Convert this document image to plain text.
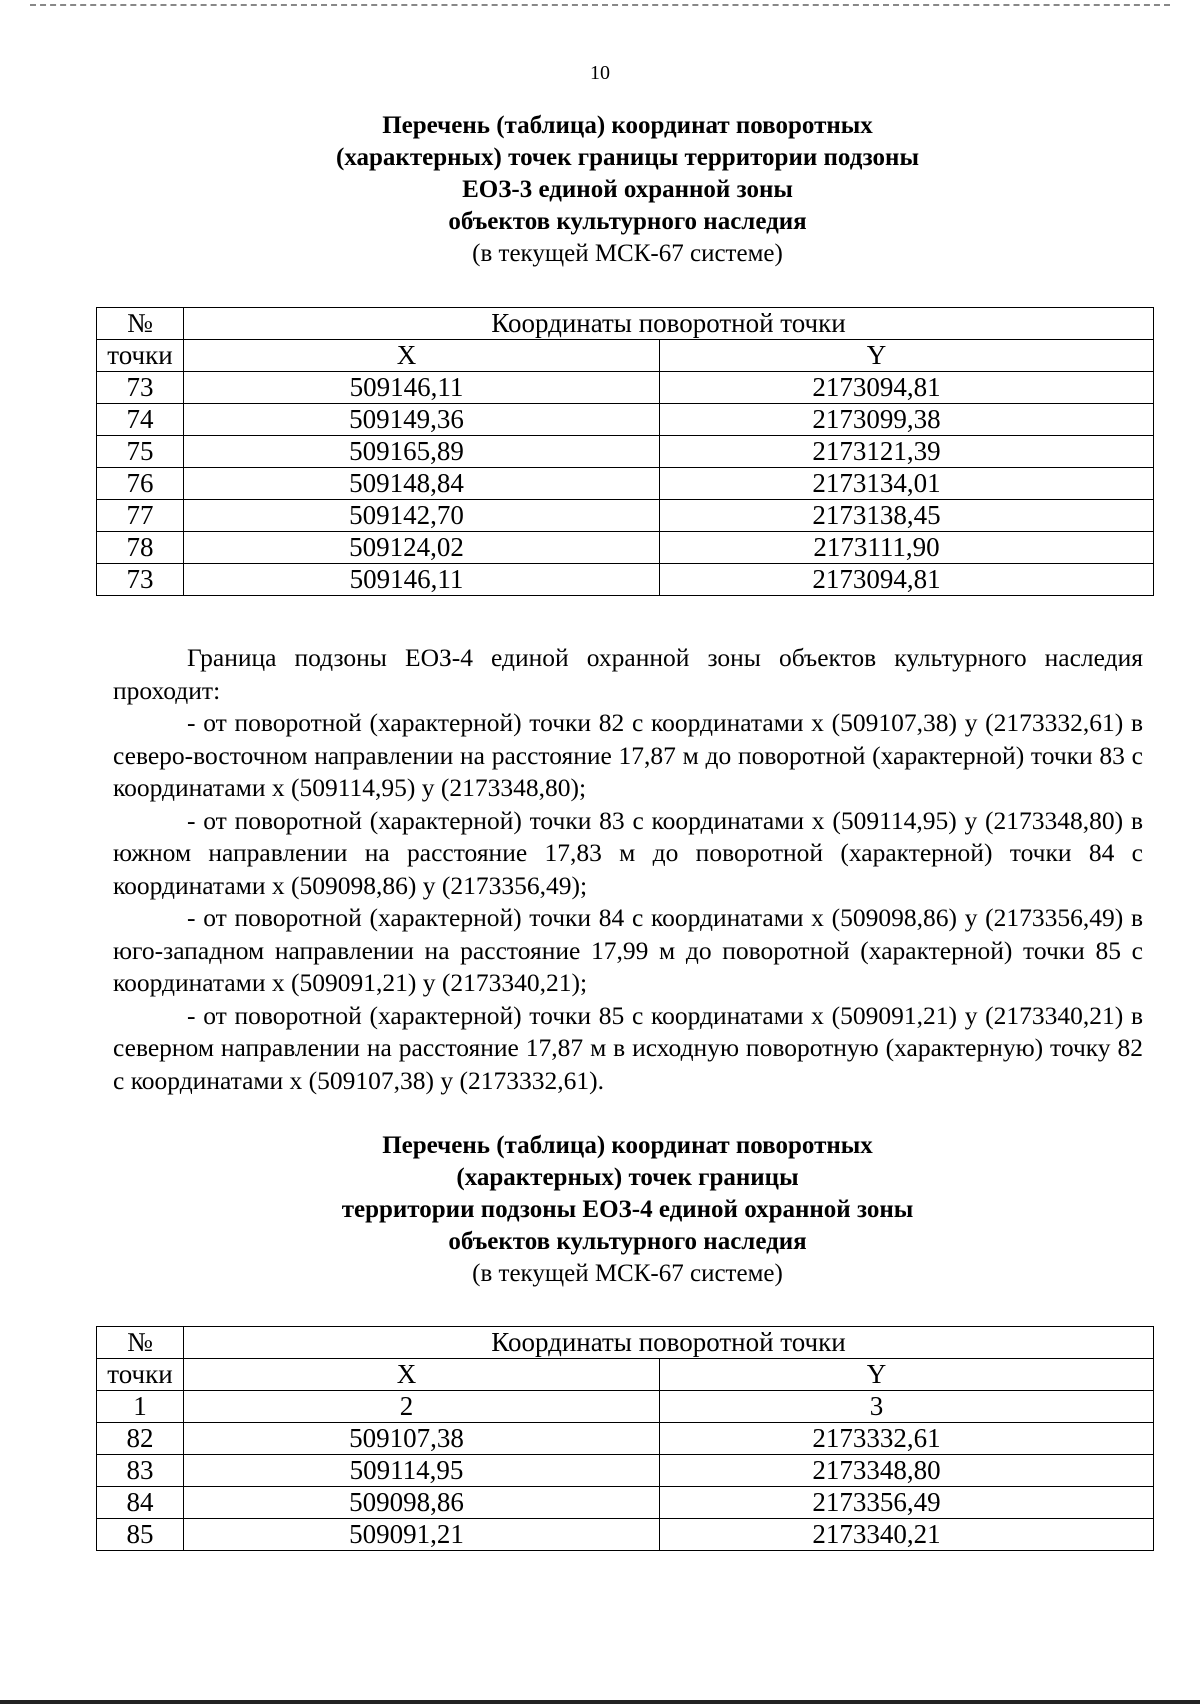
10
Перечень (таблица) координат поворотных
(характерных) точек границы территории подзоны
ЕОЗ-3 единой охранной зоны
объектов культурного наследия
(в текущей МСК-67 системе)
№	Координаты поворотной точки	
точки	X	Y
73	509146,11	2173094,81
74	509149,36	2173099,38
75	509165,89	2173121,39
76	509148,84	2173134,01
77	509142,70	2173138,45
78	509124,02	2173111,90
73	509146,11	2173094,81

Граница подзоны ЕОЗ-4 единой охранной зоны объектов культурного наследия проходит:

- от поворотной (характерной) точки 82 с координатами x (509107,38) y (2173332,61) в северо-восточном направлении на расстояние 17,87 м до поворотной (характерной) точки 83 с координатами x (509114,95) y (2173348,80);

- от поворотной (характерной) точки 83 с координатами x (509114,95) y (2173348,80) в южном направлении на расстояние 17,83 м до поворотной (характерной) точки 84 с координатами x (509098,86) y (2173356,49);

- от поворотной (характерной) точки 84 с координатами x (509098,86) y (2173356,49) в юго-западном направлении на расстояние 17,99 м до поворотной (характерной) точки 85 с координатами x (509091,21) y (2173340,21);

- от поворотной (характерной) точки 85 с координатами x (509091,21) y (2173340,21) в северном направлении на расстояние 17,87 м в исходную поворотную (характерную) точку 82 с координатами x (509107,38) y (2173332,61).

Перечень (таблица) координат поворотных
(характерных) точек границы
территории подзоны ЕОЗ-4 единой охранной зоны
объектов культурного наследия
(в текущей МСК-67 системе)
№	Координаты поворотной точки	
точки	X	Y
1	2	3
82	509107,38	2173332,61
83	509114,95	2173348,80
84	509098,86	2173356,49
85	509091,21	2173340,21
